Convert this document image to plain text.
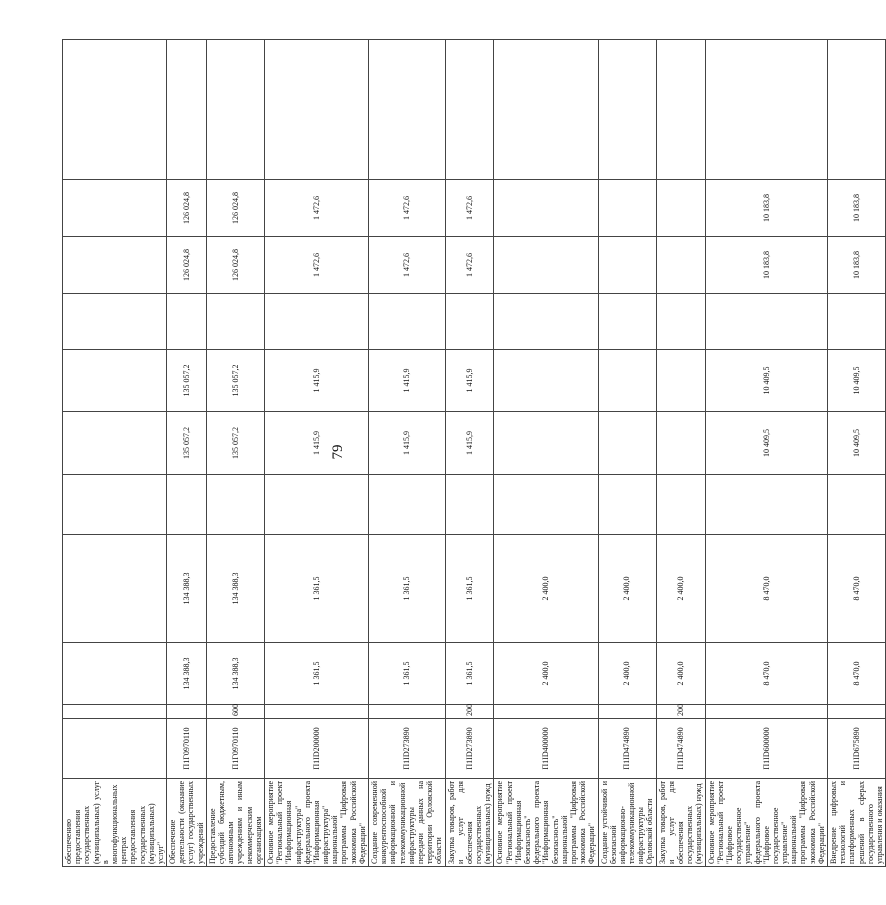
79
обеспечению предоставления государственных (муниципальных) услуг в многофункциональных центрах предоставления государственных (муниципальных) услуг"											
Обеспечение деятельности (оказание услуг) государственных учреждений	П1Г0970110		134 388,3	134 388,3		135 057,2	135 057,2		126 024,8	126 024,8	
Предоставление субсидий бюджетным, автономным учреждениям и иным некоммерческим организациям	П1Г0970110	600	134 388,3	134 388,3		135 057,2	135 057,2		126 024,8	126 024,8	
Основное мероприятие "Региональный проект "Информационная инфраструктура" федерального проекта "Информационная инфраструктура" национальной программы "Цифровая экономика Российской Федерации"	П1ID200000		1 361,5	1 361,5		1 415,9	1 415,9		1 472,6	1 472,6	
Создание современной конкурентоспособной информационной и телекоммуникационной инфраструктуры передачи данных на территории Орловской области	П1ID273890		1 361,5	1 361,5		1 415,9	1 415,9		1 472,6	1 472,6	
Закупка товаров, работ и услуг для обеспечения государственных (муниципальных) нужд	П1ID273890	200	1 361,5	1 361,5		1 415,9	1 415,9		1 472,6	1 472,6	
Основное мероприятие "Региональный проект "Информационная безопасность" федерального проекта "Информационная безопасность" национальной программы "Цифровая экономика Российской Федерации"	П1ID400000		2 400,0	2 400,0							
Создание устойчивой и безопасной информационно-телекоммуникационной инфраструктуры Орловской области	П1ID474890		2 400,0	2 400,0							
Закупка товаров, работ и услуг для обеспечения государственных (муниципальных) нужд	П1ID474890	200	2 400,0	2 400,0							
Основное мероприятие "Региональный проект "Цифровое государственное управление" федерального проекта "Цифровое государственное управление" национальной программы "Цифровая экономика Российской Федерации"	П1ID600000		8 470,0	8 470,0		10 409,5	10 409,5		10 183,8	10 183,8	
Внедрение цифровых технологий и платформенных решений в сферах государственного управления и оказания	П1ID675890		8 470,0	8 470,0		10 409,5	10 409,5		10 183,8	10 183,8	
